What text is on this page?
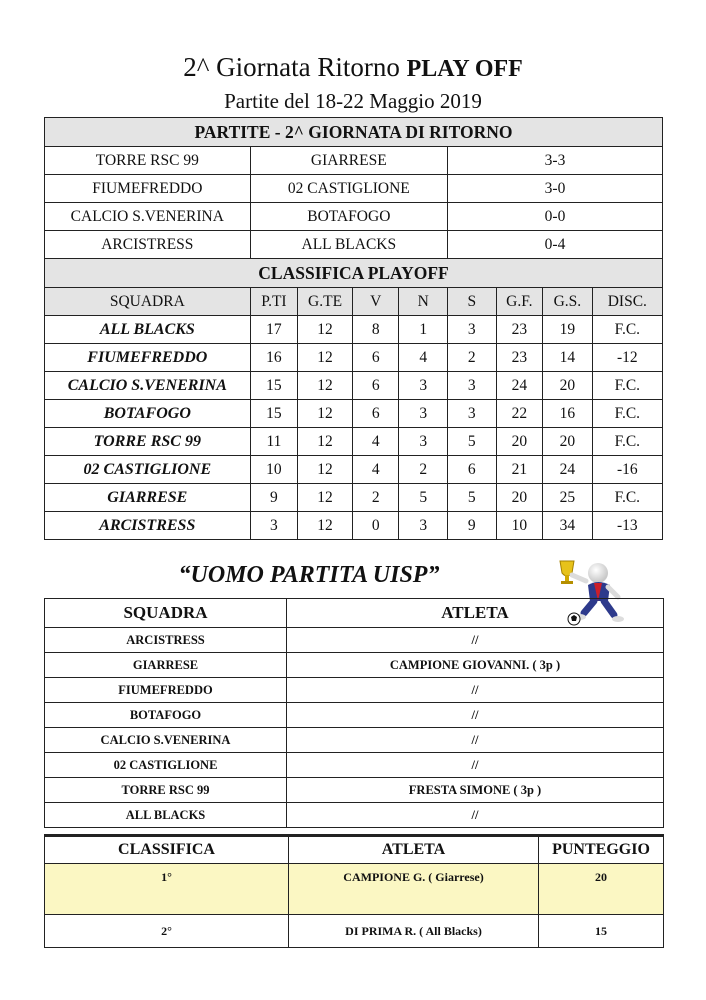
2^ Giornata Ritorno PLAY OFF
Partite del 18-22 Maggio 2019
PARTITE - 2^ GIORNATA DI RITORNO								
TORRE RSC 99	GIARRESE				3-3			
FIUMEFREDDO	02 CASTIGLIONE				3-0			
CALCIO S.VENERINA	BOTAFOGO				0-0			
ARCISTRESS	ALL BLACKS				0-4			
CLASSIFICA PLAYOFF								
SQUADRA	P.TI	G.TE	V	N	S	G.F.	G.S.	DISC.
ALL BLACKS	17	12	8	1	3	23	19	F.C.
FIUMEFREDDO	16	12	6	4	2	23	14	-12
CALCIO S.VENERINA	15	12	6	3	3	24	20	F.C.
BOTAFOGO	15	12	6	3	3	22	16	F.C.
TORRE RSC 99	11	12	4	3	5	20	20	F.C.
02 CASTIGLIONE	10	12	4	2	6	21	24	-16
GIARRESE	9	12	2	5	5	20	25	F.C.
ARCISTRESS	3	12	0	3	9	10	34	-13
“UOMO PARTITA UISP”
SQUADRA	ATLETA
ARCISTRESS	//
GIARRESE	CAMPIONE GIOVANNI. ( 3p )
FIUMEFREDDO	//
BOTAFOGO	//
CALCIO S.VENERINA	//
02 CASTIGLIONE	//
TORRE RSC 99	FRESTA SIMONE ( 3p )
ALL BLACKS	//
CLASSIFICA	ATLETA	PUNTEGGIO
1°	CAMPIONE G. ( Giarrese)	20
2°	DI PRIMA R. ( All Blacks)	15
